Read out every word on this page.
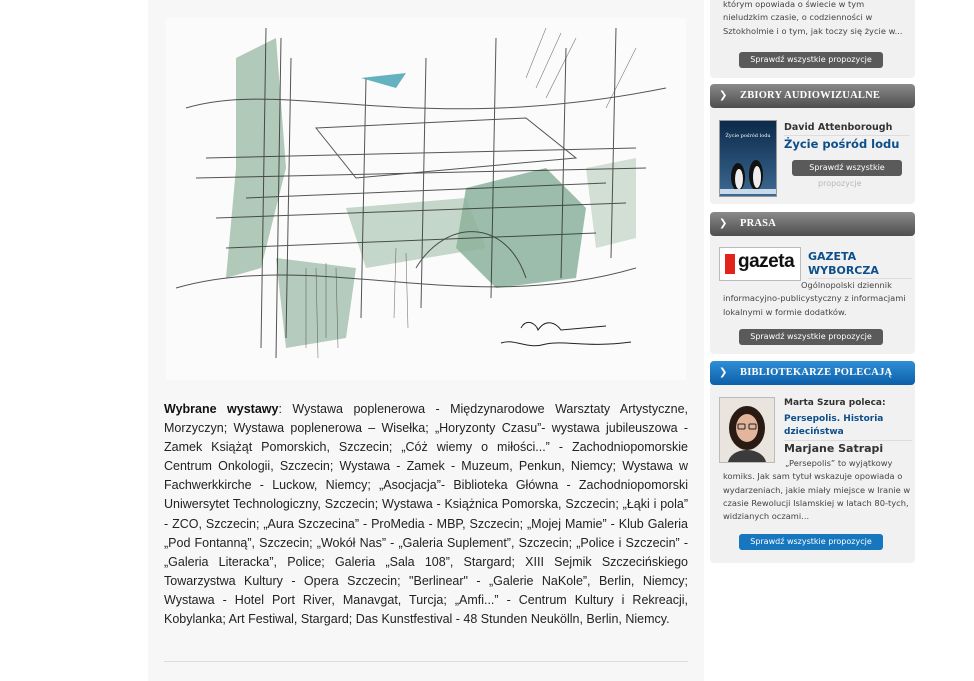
Wybrane wystawy: Wystawa poplenerowa - Międzynarodowe Warsztaty Artystyczne, Morzyczyn; Wystawa poplenerowa – Wisełka; „Horyzonty Czasu”- wystawa jubileuszowa - Zamek Książąt Pomorskich, Szczecin; „Cóż wiemy o miłości...” - Zachodniopomorskie Centrum Onkologii, Szczecin; Wystawa - Zamek - Muzeum, Penkun, Niemcy; Wystawa w Fachwerkkirche - Luckow, Niemcy; „Asocjacja”- Biblioteka Główna - Zachodniopomorski Uniwersytet Technologiczny, Szczecin; Wystawa - Książnica Pomorska, Szczecin; „Łąki i pola” - ZCO, Szczecin; „Aura Szczecina” - ProMedia - MBP, Szczecin; „Mojej Mamie” - Klub Galeria „Pod Fontanną”, Szczecin; „Wokół Nas” - „Galeria Suplement”, Szczecin; „Police i Szczecin” - „Galeria Literacka”, Police; Galeria „Sala 108”, Stargard; XIII Sejmik Szczecińskiego Towarzystwa Kultury - Opera Szczecin; "Berlinear" - „Galerie NaKole”, Berlin, Niemcy; Wystawa - Hotel Port River, Manavgat, Turcja; „Amfi...” - Centrum Kultury i Rekreacji, Kobylanka; Art Festiwal, Stargard; Das Kunstfestival - 48 Stunden Neukölln, Berlin, Niemcy.
którym opowiada o świecie w tym nieludzkim czasie, o codzienności w Sztokholmie i o tym, jak toczy się życie w...
Sprawdź wszystkie propozycje
❯ ZBIORY AUDIOWIZUALNE
Życie pośród lodu
David Attenborough
Życie pośród lodu
Sprawdź wszystkie
propozycje
❯ PRASA
gazeta GAZETA WYBORCZA
Ogólnopolski dziennik informacyjno-publicystyczny z informacjami lokalnymi w formie dodatków.
Sprawdź wszystkie propozycje
❯ BIBLIOTEKARZE POLECAJĄ
Marta Szura poleca:
Persepolis. Historia dzieciństwa
Marjane Satrapi
„Persepolis” to wyjątkowy komiks. Jak sam tytuł wskazuje opowiada o wydarzeniach, jakie miały miejsce w Iranie w czasie Rewolucji Islamskiej w latach 80-tych, widzianych oczami...
Sprawdź wszystkie propozycje
